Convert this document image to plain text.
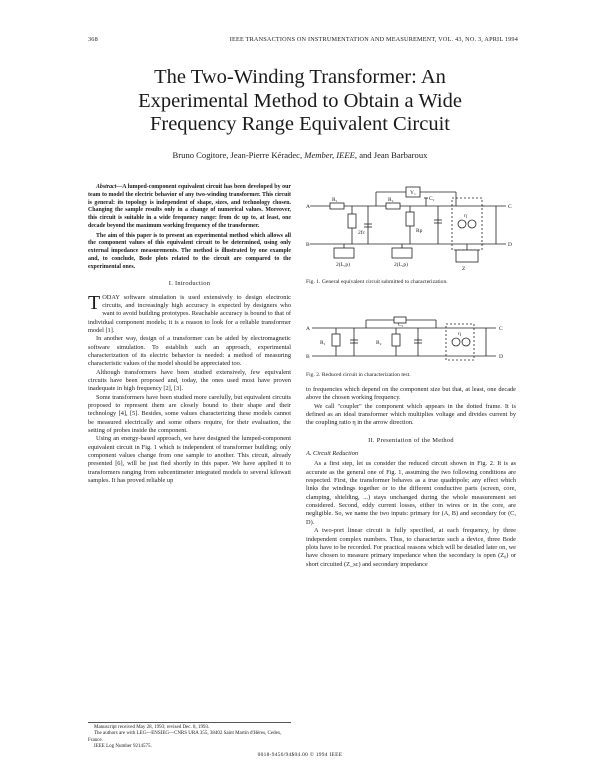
368	IEEE TRANSACTIONS ON INSTRUMENTATION AND MEASUREMENT, VOL. 43, NO. 3, APRIL 1994
The Two-Winding Transformer: An
Experimental Method to Obtain a Wide
Frequency Range Equivalent Circuit
Bruno Cogitore, Jean-Pierre Kéradec, Member, IEEE, and Jean Barbaroux

Abstract—A lumped-component equivalent circuit has been developed by our team to model the electric behavior of any two-winding transformer. This circuit is general: its topology is independent of shape, sizes, and technology chosen. Changing the sample results only in a change of numerical values. Moreover, this circuit is suitable in a wide frequency range: from dc up to, at least, one decade beyond the maximum working frequency of the transformer.

The aim of this paper is to present an experimental method which allows all the component values of this equivalent circuit to be determined, using only external impedance measurements. The method is illustrated by one example and, to conclude, Bode plots related to the circuit are compared to the experimental ones.

I. Introduction

TODAY software simulation is used extensively to design electronic circuits, and increasingly high accuracy is expected by designers who want to avoid building prototypes. Reachable accuracy is bound to that of individual component models; it is a reason to look for a reliable transformer model [1].

In another way, design of a transformer can be aided by electromagnetic software simulation. To establish such an approach, experimental characterization of its electric behavior is needed: a method of measuring characteristic values of the model should be appreciated too.

Although transformers have been studied extensively, few equivalent circuits have been proposed and, today, the ones used most have proven inadequate in high frequency [2], [3].

Some transformers have been studied more carefully, but equivalent circuits proposed to represent them are closely bound to their shape and their technology [4], [5]. Besides, some values characterizing these models cannot be measured electrically and some others require, for their evaluation, the setting of probes inside the component.

Using an energy-based approach, we have designed the lumped-component equivalent circuit in Fig. 1 which is independent of transformer building; only component values change from one sample to another. This circuit, already presented [6], will be just fied shortly in this paper. We have applied it to transformers ranging from subcentimeter integrated models to several kilowatt samples. It has proved reliable up

Manuscript received May 28, 1993; revised Dec. 8, 1993.

The authors are with LEG—ENSIEG—CNRS URA 355, 38402 Saint Martin d'Hères, Cedex, France.

IEEE Log Number 9214575.

A
B
C
D
Y₁
C₁
R₁	R₂
η
2(L,p)	2(L,p)
Z
Rp
2fc
Fig. 1. General equivalent circuit submitted to characterization.
A
B
C
D
C₁
η
R₁	R₂
Fig. 2. Reduced circuit in characterization test.

to frequencies which depend on the component size but that, at least, one decade above the chosen working frequency.

We call "coupler" the component which appears in the dotted frame. It is defined as an ideal transformer which multiplies voltage and divides current by the coupling ratio η in the arrow direction.

II. Presentation of the Method
A. Circuit Reduction

As a first step, let us consider the reduced circuit shown in Fig. 2. It is as accurate as the general one of Fig. 1, assuming the two following conditions are respected. First, the transformer behaves as a true quadripole; any effect which links the windings together or to the different conductive parts (screen, core, clamping, shielding, ...) stays unchanged during the whole measurement set considered. Second, eddy current losses, either in wires or in the core, are negligible. So, we name the two inputs: primary for (A, B) and secondary for (C, D).

A two-port linear circuit is fully specified, at each frequency, by three independent complex numbers. Thus, to characterize such a device, three Bode plots have to be recorded. For practical reasons which will be detailed later on, we have chosen to measure primary impedance when the secondary is open (Z₀) or short circuited (Z_sc) and secondary impedance

0018-9456/94$04.00 © 1994 IEEE
